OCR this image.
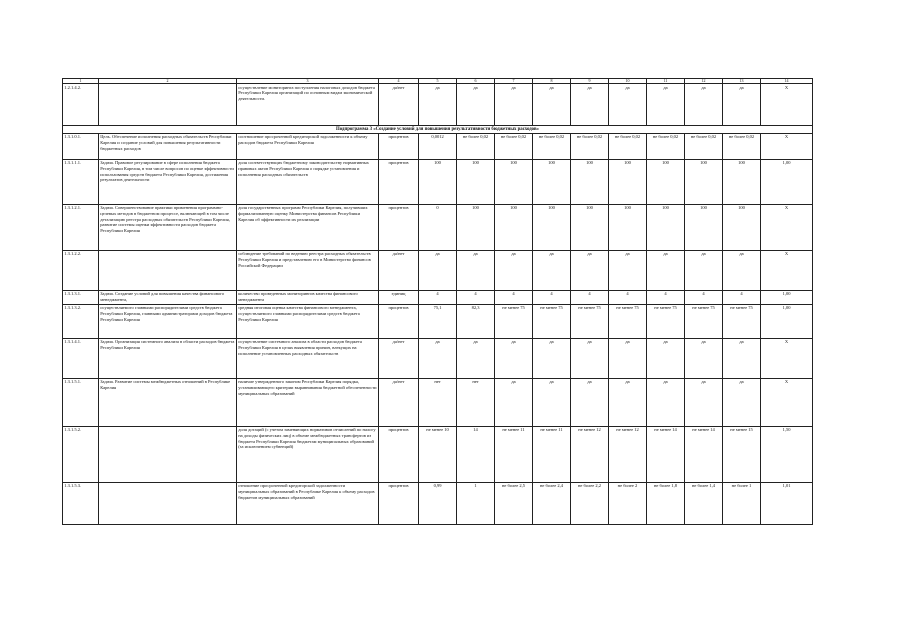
1	2	3	4	5	6	7	8	9	10	11	12	13	14
1.2.1.4.2.		осуществление мониторинга поступления налоговых доходов бюджета Республики Карелия организаций по основным видам экономической деятельности.	да/нет	да	да	да	да	да	да	да	да	да	X
Подпрограмма 3 «Создание условий для повышения результативности бюджетных расходов»													
1.3.1.0.1.	Цель. Обеспечение исполнения расходных обязательств Республики Карелия и создание условий для повышения результативности бюджетных расходов	соотношение просроченной кредиторской задолженности к объему расходов бюджета Республики Карелия	процентов	0,0012	не более 0,02	не более 0,02	не более 0,02	не более 0,02	не более 0,02	не более 0,02	не более 0,02	не более 0,02	X
1.3.1.1.1.	Задача. Правовое регулирование в сфере исполнения бюджета Республики Карелия, в том числе вопросов по оценке эффективности использования средств бюджета Республики Карелия, достижения результатов деятельности	доля соответствующих бюджетному законодательству нормативных правовых актов Республики Карелия о порядке установления и исполнения расходных обязательств	процентов	100	100	100	100	100	100	100	100	100	1,00
1.3.1.2.1.	Задача. Совершенствование практики применения программно-целевых методов в бюджетном процессе, включающей в том числе детализацию реестра расходных обязательств Республики Карелия, развитие системы оценки эффективности расходов бюджета Республики Карелия	доля государственных программ Республики Карелия, получивших формализованную оценку Министерства финансов Республики Карелия об эффективности их реализации	процентов	0	100	100	100	100	100	100	100	100	X
1.3.1.2.2.		соблюдение требований по ведению реестра расходных обязательств Республики Карелия и представлению его в Министерство финансов Российской Федерации	да/нет	да	да	да	да	да	да	да	да	да	X
1.3.1.3.1.	Задача. Создание условий для повышения качества финансового менеджмента,	количество проведенных мониторингов качества финансового менеджмента	единиц	4	4	4	4	4	4	4	4	4	1,00
1.3.1.3.2.	осуществляемого главными распорядителями средств бюджета Республики Карелия, главными администраторами доходов бюджета Республики Карелия	средняя итоговая оценка качества финансового менеджмента, осуществляемого главными распорядителями средств бюджета Республики Карелия	процентов	75,1	82,3	не менее 75	не менее 75	не менее 75	не менее 75	не менее 75	не менее 75	не менее 75	1,00
1.3.1.4.1.	Задача. Организация системного анализа в области расходов бюджета Республики Карелия	осуществление системного анализа в области расходов бюджета Республики Карелия в целях выявления причин, влекущих на исполнение установленных расходных обязательств	да/нет	да	да	да	да	да	да	да	да	да	X
1.3.1.5.1.	Задача. Развитие системы межбюджетных отношений в Республике Карелия	наличие утвержденного законом Республики Карелия порядка, устанавливающего критерии выравнивания бюджетной обеспеченности муниципальных образований	да/нет	нет	нет	да	да	да	да	да	да	да	X
1.3.1.5.2.		доля дотаций (с учетом заменяющих нормативов отчислений по налогу на доходы физических лиц) в объеме межбюджетных трансфертов из бюджета Республики Карелия бюджетам муниципальных образований (за исключением субвенций)	процентов	не менее 10	14	не менее 11	не менее 11	не менее 12	не менее 12	не менее 14	не менее 14	не менее 15	1,50
1.3.1.5.3.		отношение просроченной кредиторской задолженности муниципальных образований в Республике Карелия к объему расходов бюджетов муниципальных образований	процентов	0,99	1	не более 2,5	не более 2,4	не более 2,2	не более 2	не более 1,8	не более 1,4	не более 1	1,01
